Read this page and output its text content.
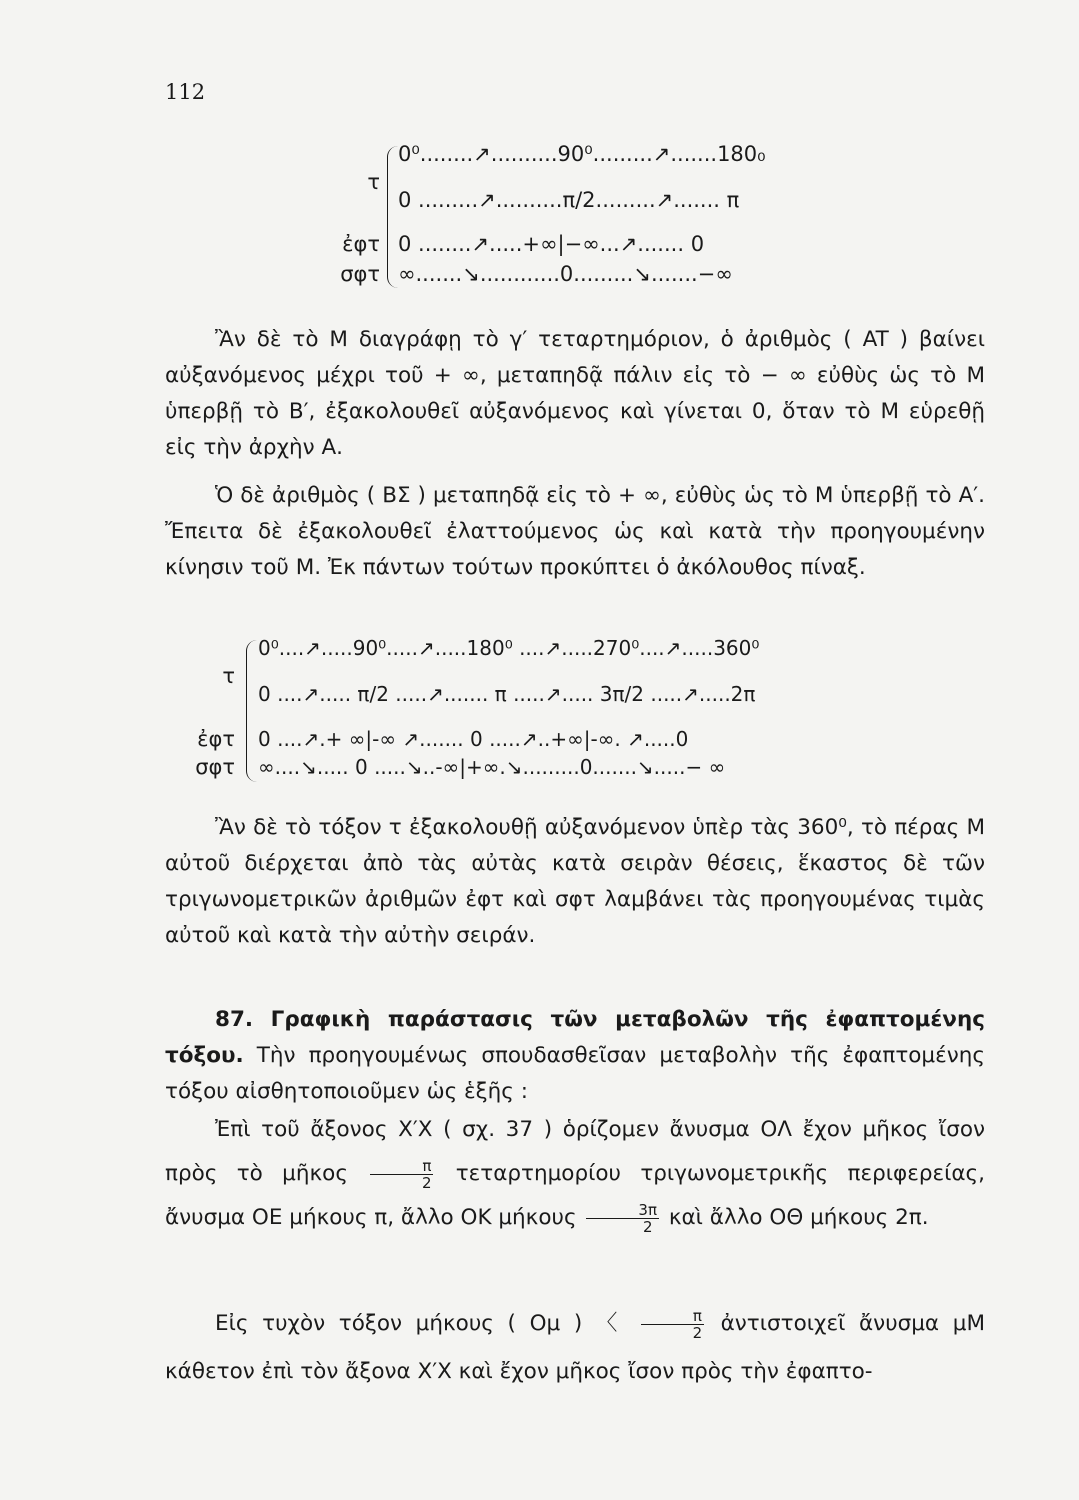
112
τ
ἐφτ
σφτ
0⁰........↗..........90⁰.........↗.......180₀
0 .........↗..........π/2.........↗....... π
0 ........↗.....+∞|−∞...↗....... 0
∞.......↘............0.........↘.......−∞

Ἂν δὲ τὸ Μ διαγράφῃ τὸ γ′ τεταρτημόριον, ὁ ἀριθμὸς ( AT ) βαίνει αὐξανόμενος μέχρι τοῦ + ∞, μεταπηδᾷ πάλιν εἰς τὸ − ∞ εὐθὺς ὡς τὸ Μ ὑπερβῇ τὸ Β′, ἐξακολουθεῖ αὐξανόμενος καὶ γίνεται 0, ὅταν τὸ Μ εὑρεθῇ εἰς τὴν ἀρχὴν Α.

Ὁ δὲ ἀριθμὸς ( ΒΣ ) μεταπηδᾷ εἰς τὸ + ∞, εὐθὺς ὡς τὸ Μ ὑπερβῇ τὸ Α′. Ἔπειτα δὲ ἐξακολουθεῖ ἐλαττούμενος ὡς καὶ κατὰ τὴν προηγουμένην κίνησιν τοῦ Μ. Ἐκ πάντων τούτων προκύπτει ὁ ἀκόλουθος πίναξ.

τ
ἐφτ
σφτ
0⁰....↗.....90⁰.....↗.....180⁰ ....↗.....270⁰....↗.....360⁰
0 ....↗..... π/2 .....↗....... π .....↗..... 3π/2 .....↗.....2π
0 ....↗.+ ∞|-∞ ↗....... 0 .....↗..+∞|-∞. ↗.....0
∞....↘..... 0 .....↘..-∞|+∞.↘.........0.......↘.....− ∞

Ἂν δὲ τὸ τόξον τ ἐξακολουθῇ αὐξανόμενον ὑπὲρ τὰς 360⁰, τὸ πέρας Μ αὐτοῦ διέρχεται ἀπὸ τὰς αὐτὰς κατὰ σειρὰν θέσεις, ἕκαστος δὲ τῶν τριγωνομετρικῶν ἀριθμῶν ἐφτ καὶ σφτ λαμβάνει τὰς προηγουμένας τιμὰς αὐτοῦ καὶ κατὰ τὴν αὐτὴν σειράν.

87. Γραφικὴ παράστασις τῶν μεταβολῶν τῆς ἐφαπτομένης τόξου. Τὴν προηγουμένως σπουδασθεῖσαν μεταβολὴν τῆς ἐφαπτομένης τόξου αἰσθητοποιοῦμεν ὡς ἑξῆς :

Ἐπὶ τοῦ ἄξονος Χ′Χ ( σχ. 37 ) ὁρίζομεν ἄνυσμα ΟΛ ἔχον μῆκος ἴσον πρὸς τὸ μῆκος $\frac{\pi}{2}$ τεταρτημορίου τριγωνομετρικῆς περιφερείας, ἄνυσμα ΟΕ μήκους π, ἄλλο ΟΚ μήκους $\frac{3\pi}{2}$ καὶ ἄλλο ΟΘ μήκους 2π.

Εἰς τυχὸν τόξον μήκους ( Ομ ) 〈 $\frac{\pi}{2}$ ἀντιστοιχεῖ ἄνυσμα μΜ κάθετον ἐπὶ τὸν ἄξονα Χ′Χ καὶ ἔχον μῆκος ἴσον πρὸς τὴν ἐφαπτο-
